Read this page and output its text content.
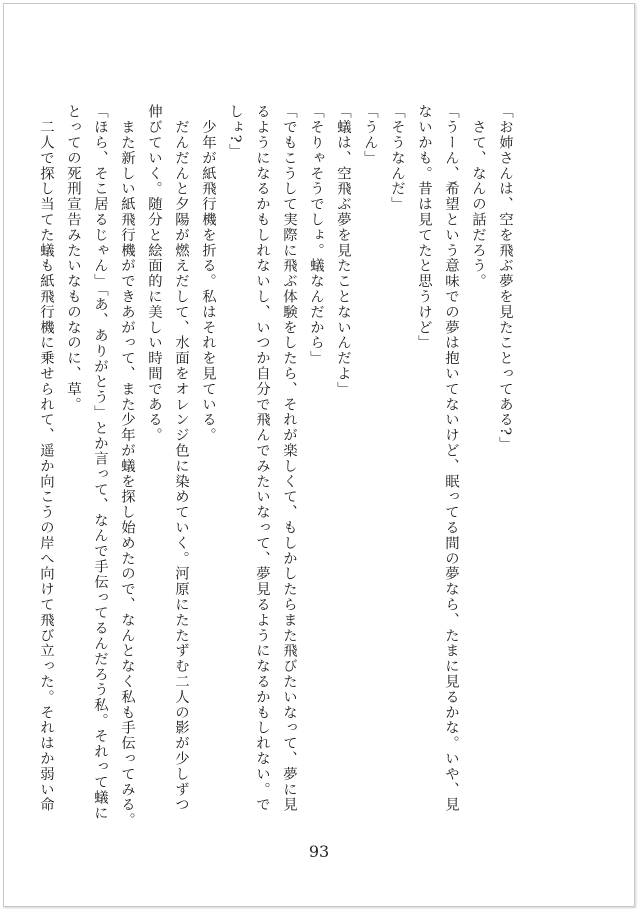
「お姉さんは、空を飛ぶ夢を見たことってある?」
　さて、なんの話だろう。
「うーん、希望という意味での夢は抱いてないけど、眠ってる間の夢なら、たまに見るかな。いや、見
ないかも。昔は見てたと思うけど」
「そうなんだ」
「うん」
「蟻は、空飛ぶ夢を見たことないんだよ」
「そりゃそうでしょ。蟻なんだから」
「でもこうして実際に飛ぶ体験をしたら、それが楽しくて、もしかしたらまた飛びたいなって、夢に見
るようになるかもしれないし、いつか自分で飛んでみたいなって、夢見るようになるかもしれない。で
しょ?」
　少年が紙飛行機を折る。私はそれを見ている。
　だんだんと夕陽が燃えだして、水面をオレンジ色に染めていく。河原にたたずむ二人の影が少しずつ
伸びていく。随分と絵面的に美しい時間である。
　また新しい紙飛行機ができあがって、また少年が蟻を探し始めたので、なんとなく私も手伝ってみる。
「ほら、そこ居るじゃん」「あ、ありがとう」とか言って、なんで手伝ってるんだろう私。それって蟻に
とっての死刑宣告みたいなものなのに、草。
　二人で探し当てた蟻も紙飛行機に乗せられて、遥か向こうの岸へ向けて飛び立った。それはか弱い命
93
